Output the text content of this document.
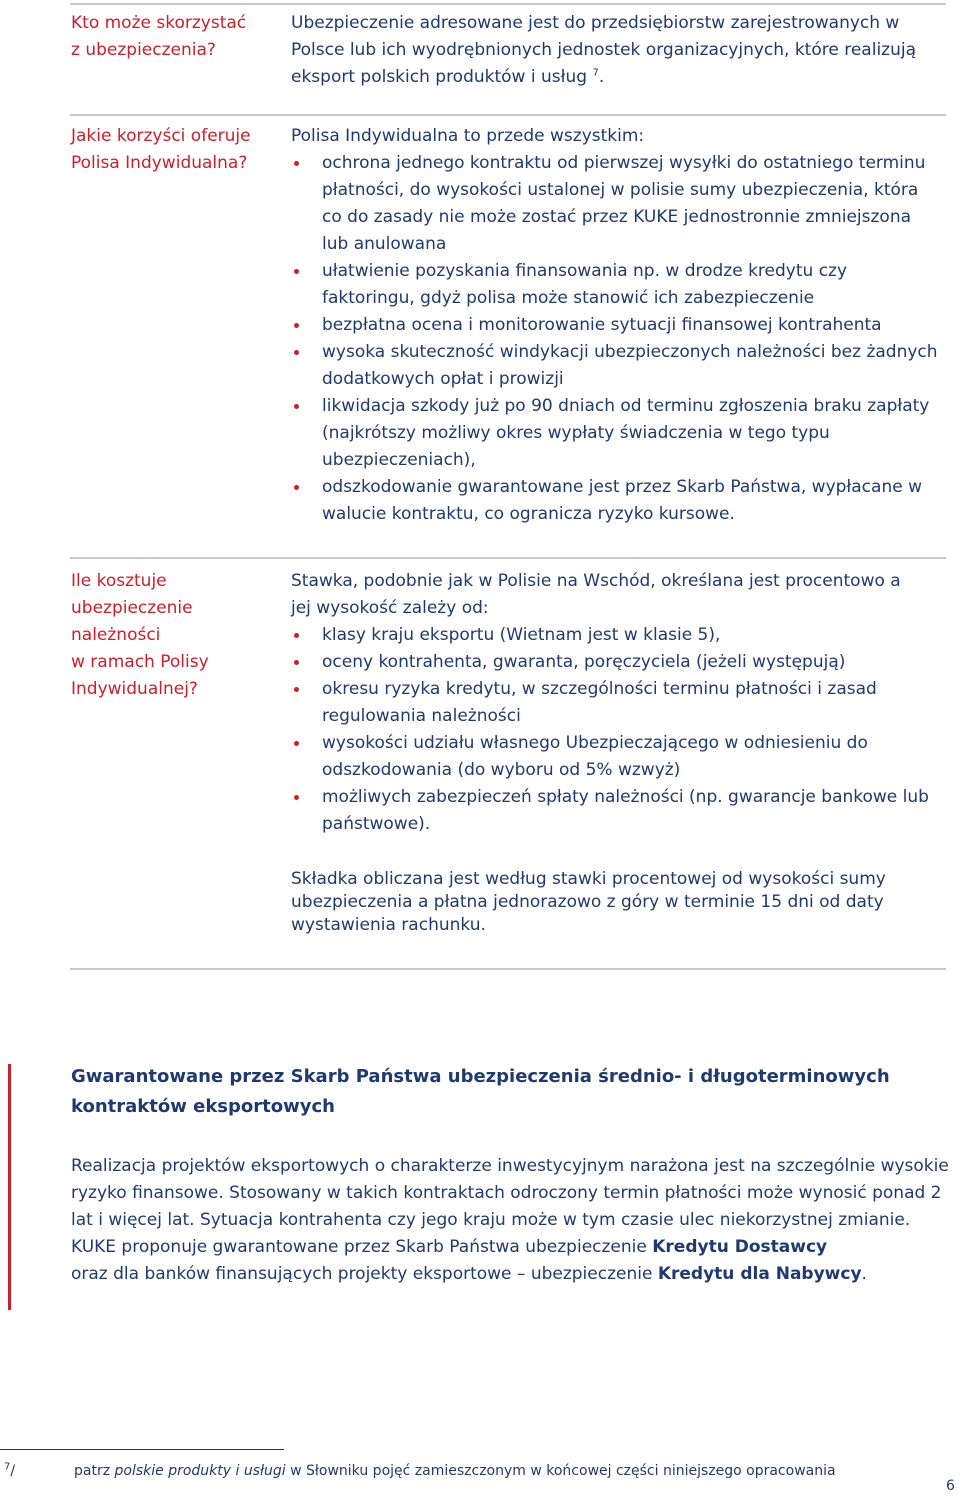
Kto może skorzystać
z ubezpieczenia?

Ubezpieczenie adresowane jest do przedsiębiorstw zarejestrowanych w Polsce lub ich wyodrębnionych jednostek organizacyjnych, które realizują eksport polskich produktów i usług $^7$.

Jakie korzyści oferuje
Polisa Indywidualna?

Polisa Indywidualna to przede wszystkim:

ochrona jednego kontraktu od pierwszej wysyłki do ostatniego terminu płatności, do wysokości ustalonej w polisie sumy ubezpieczenia, która co do zasady nie może zostać przez KUKE jednostronnie zmniejszona lub anulowana
ułatwienie pozyskania finansowania np. w drodze kredytu czy faktoringu, gdyż polisa może stanowić ich zabezpieczenie
bezpłatna ocena i monitorowanie sytuacji finansowej kontrahenta
wysoka skuteczność windykacji ubezpieczonych należności bez żadnych dodatkowych opłat i prowizji
likwidacja szkody już po 90 dniach od terminu zgłoszenia braku zapłaty (najkrótszy możliwy okres wypłaty świadczenia w tego typu ubezpieczeniach),
odszkodowanie gwarantowane jest przez Skarb Państwa, wypłacane w walucie kontraktu, co ogranicza ryzyko kursowe.
Ile kosztuje
ubezpieczenie
należności
w ramach Polisy
Indywidualnej?

Stawka, podobnie jak w Polisie na Wschód, określana jest procentowo a jej wysokość zależy od:

klasy kraju eksportu (Wietnam jest w klasie 5),
oceny kontrahenta, gwaranta, poręczyciela (jeżeli występują)
okresu ryzyka kredytu, w szczególności terminu płatności i zasad regulowania należności
wysokości udziału własnego Ubezpieczającego w odniesieniu do odszkodowania (do wyboru od 5% wzwyż)
możliwych zabezpieczeń spłaty należności (np. gwarancje bankowe lub państwowe).

Składka obliczana jest według stawki procentowej od wysokości sumy ubezpieczenia a płatna jednorazowo z góry w terminie 15 dni od daty wystawienia rachunku.

Gwarantowane przez Skarb Państwa ubezpieczenia średnio- i długoterminowych kontraktów eksportowych
Realizacja projektów eksportowych o charakterze inwestycyjnym narażona jest na szczególnie wysokie
ryzyko finansowe. Stosowany w takich kontraktach odroczony termin płatności może wynosić ponad 2
lat i więcej lat. Sytuacja kontrahenta czy jego kraju może w tym czasie ulec niekorzystnej zmianie.
KUKE proponuje gwarantowane przez Skarb Państwa ubezpieczenie Kredytu Dostawcy
oraz dla banków finansujących projekty eksportowe – ubezpieczenie Kredytu dla Nabywcy.
$^7$/	patrz polskie produkty i usługi w Słowniku pojęć zamieszczonym w końcowej części niniejszego opracowania
6
